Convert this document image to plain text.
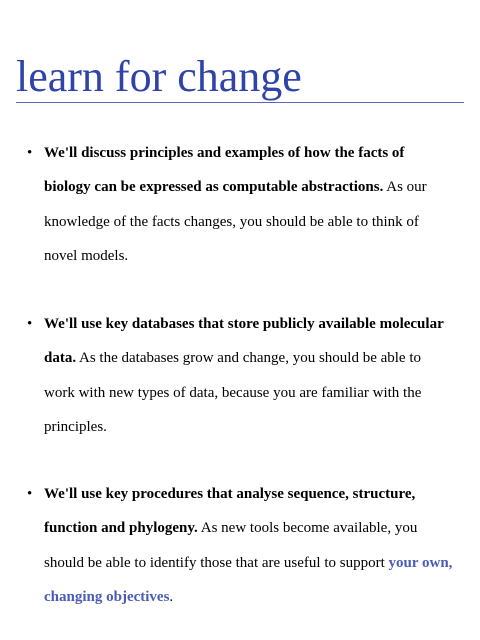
learn for change
• We'll discuss principles and examples of how the facts of biology can be expressed as computable abstractions. As our knowledge of the facts changes, you should be able to think of novel models.
• We'll use key databases that store publicly available molecular data. As the databases grow and change, you should be able to work with new types of data, because you are familiar with the principles.
• We'll use key procedures that analyse sequence, structure, function and phylogeny. As new tools become available, you should be able to identify those that are useful to support your own, changing objectives.
